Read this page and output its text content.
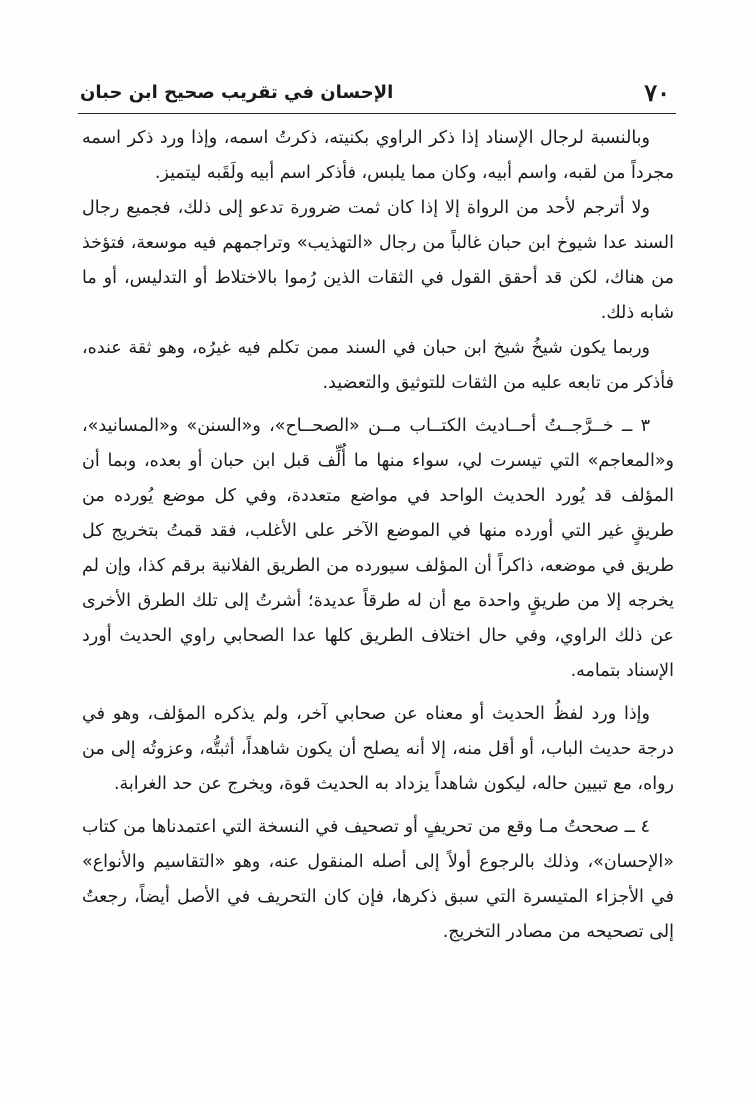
٧٠
الإحسان في تقريب صحيح ابن حبان

وبالنسبة لرجال الإسناد إذا ذكر الراوي بكنيته، ذكرتُ اسمه، وإذا ورد ذكر اسمه مجرداً من لقبه، واسم أبيه، وكان مما يلبس، فأذكر اسم أبيه ولَقَبه ليتميز.

ولا أترجم لأحد من الرواة إلا إذا كان ثمت ضرورة تدعو إلى ذلك، فجميع رجال السند عدا شيوخ ابن حبان غالباً من رجال «التهذيب» وتراجمهم فيه موسعة، فتؤخذ من هناك، لكن قد أحقق القول في الثقات الذين رُموا بالاختلاط أو التدليس، أو ما شابه ذلك.

وربما يكون شيخُ شيخ ابن حبان في السند ممن تكلم فيه غيرُه، وهو ثقة عنده، فأذكر من تابعه عليه من الثقات للتوثيق والتعضيد.

٣ ــ خــرَّجــتُ أحــاديث الكتــاب مــن «الصحــاح»، و«السنن» و«المسانيد»، و«المعاجم» التي تيسرت لي، سواء منها ما أُلِّف قبل ابن حبان أو بعده، وبما أن المؤلف قد يُورد الحديث الواحد في مواضع متعددة، وفي كل موضع يُورده من طريقٍ غير التي أورده منها في الموضع الآخر على الأغلب، فقد قمتُ بتخريج كل طريق في موضعه، ذاكراً أن المؤلف سيورده من الطريق الفلانية برقم كذا، وإن لم يخرجه إلا من طريقٍ واحدة مع أن له طرقاً عديدة؛ أشرتُ إلى تلك الطرق الأخرى عن ذلك الراوي، وفي حال اختلاف الطريق كلها عدا الصحابي راوي الحديث أورد الإسناد بتمامه.

وإذا ورد لفظُ الحديث أو معناه عن صحابي آخر، ولم يذكره المؤلف، وهو في درجة حديث الباب، أو أقل منه، إلا أنه يصلح أن يكون شاهداً، أثبتُّه، وعزوتُه إلى من رواه، مع تبيين حاله، ليكون شاهداً يزداد به الحديث قوة، ويخرج عن حد الغرابة.

٤ ــ صححتُ مـا وقع من تحريفٍ أو تصحيف في النسخة التي اعتمدناها من كتاب «الإحسان»، وذلك بالرجوع أولاً إلى أصله المنقول عنه، وهو «التقاسيم والأنواع» في الأجزاء المتيسرة التي سبق ذكرها، فإن كان التحريف في الأصل أيضاً، رجعتُ إلى تصحيحه من مصادر التخريج.
